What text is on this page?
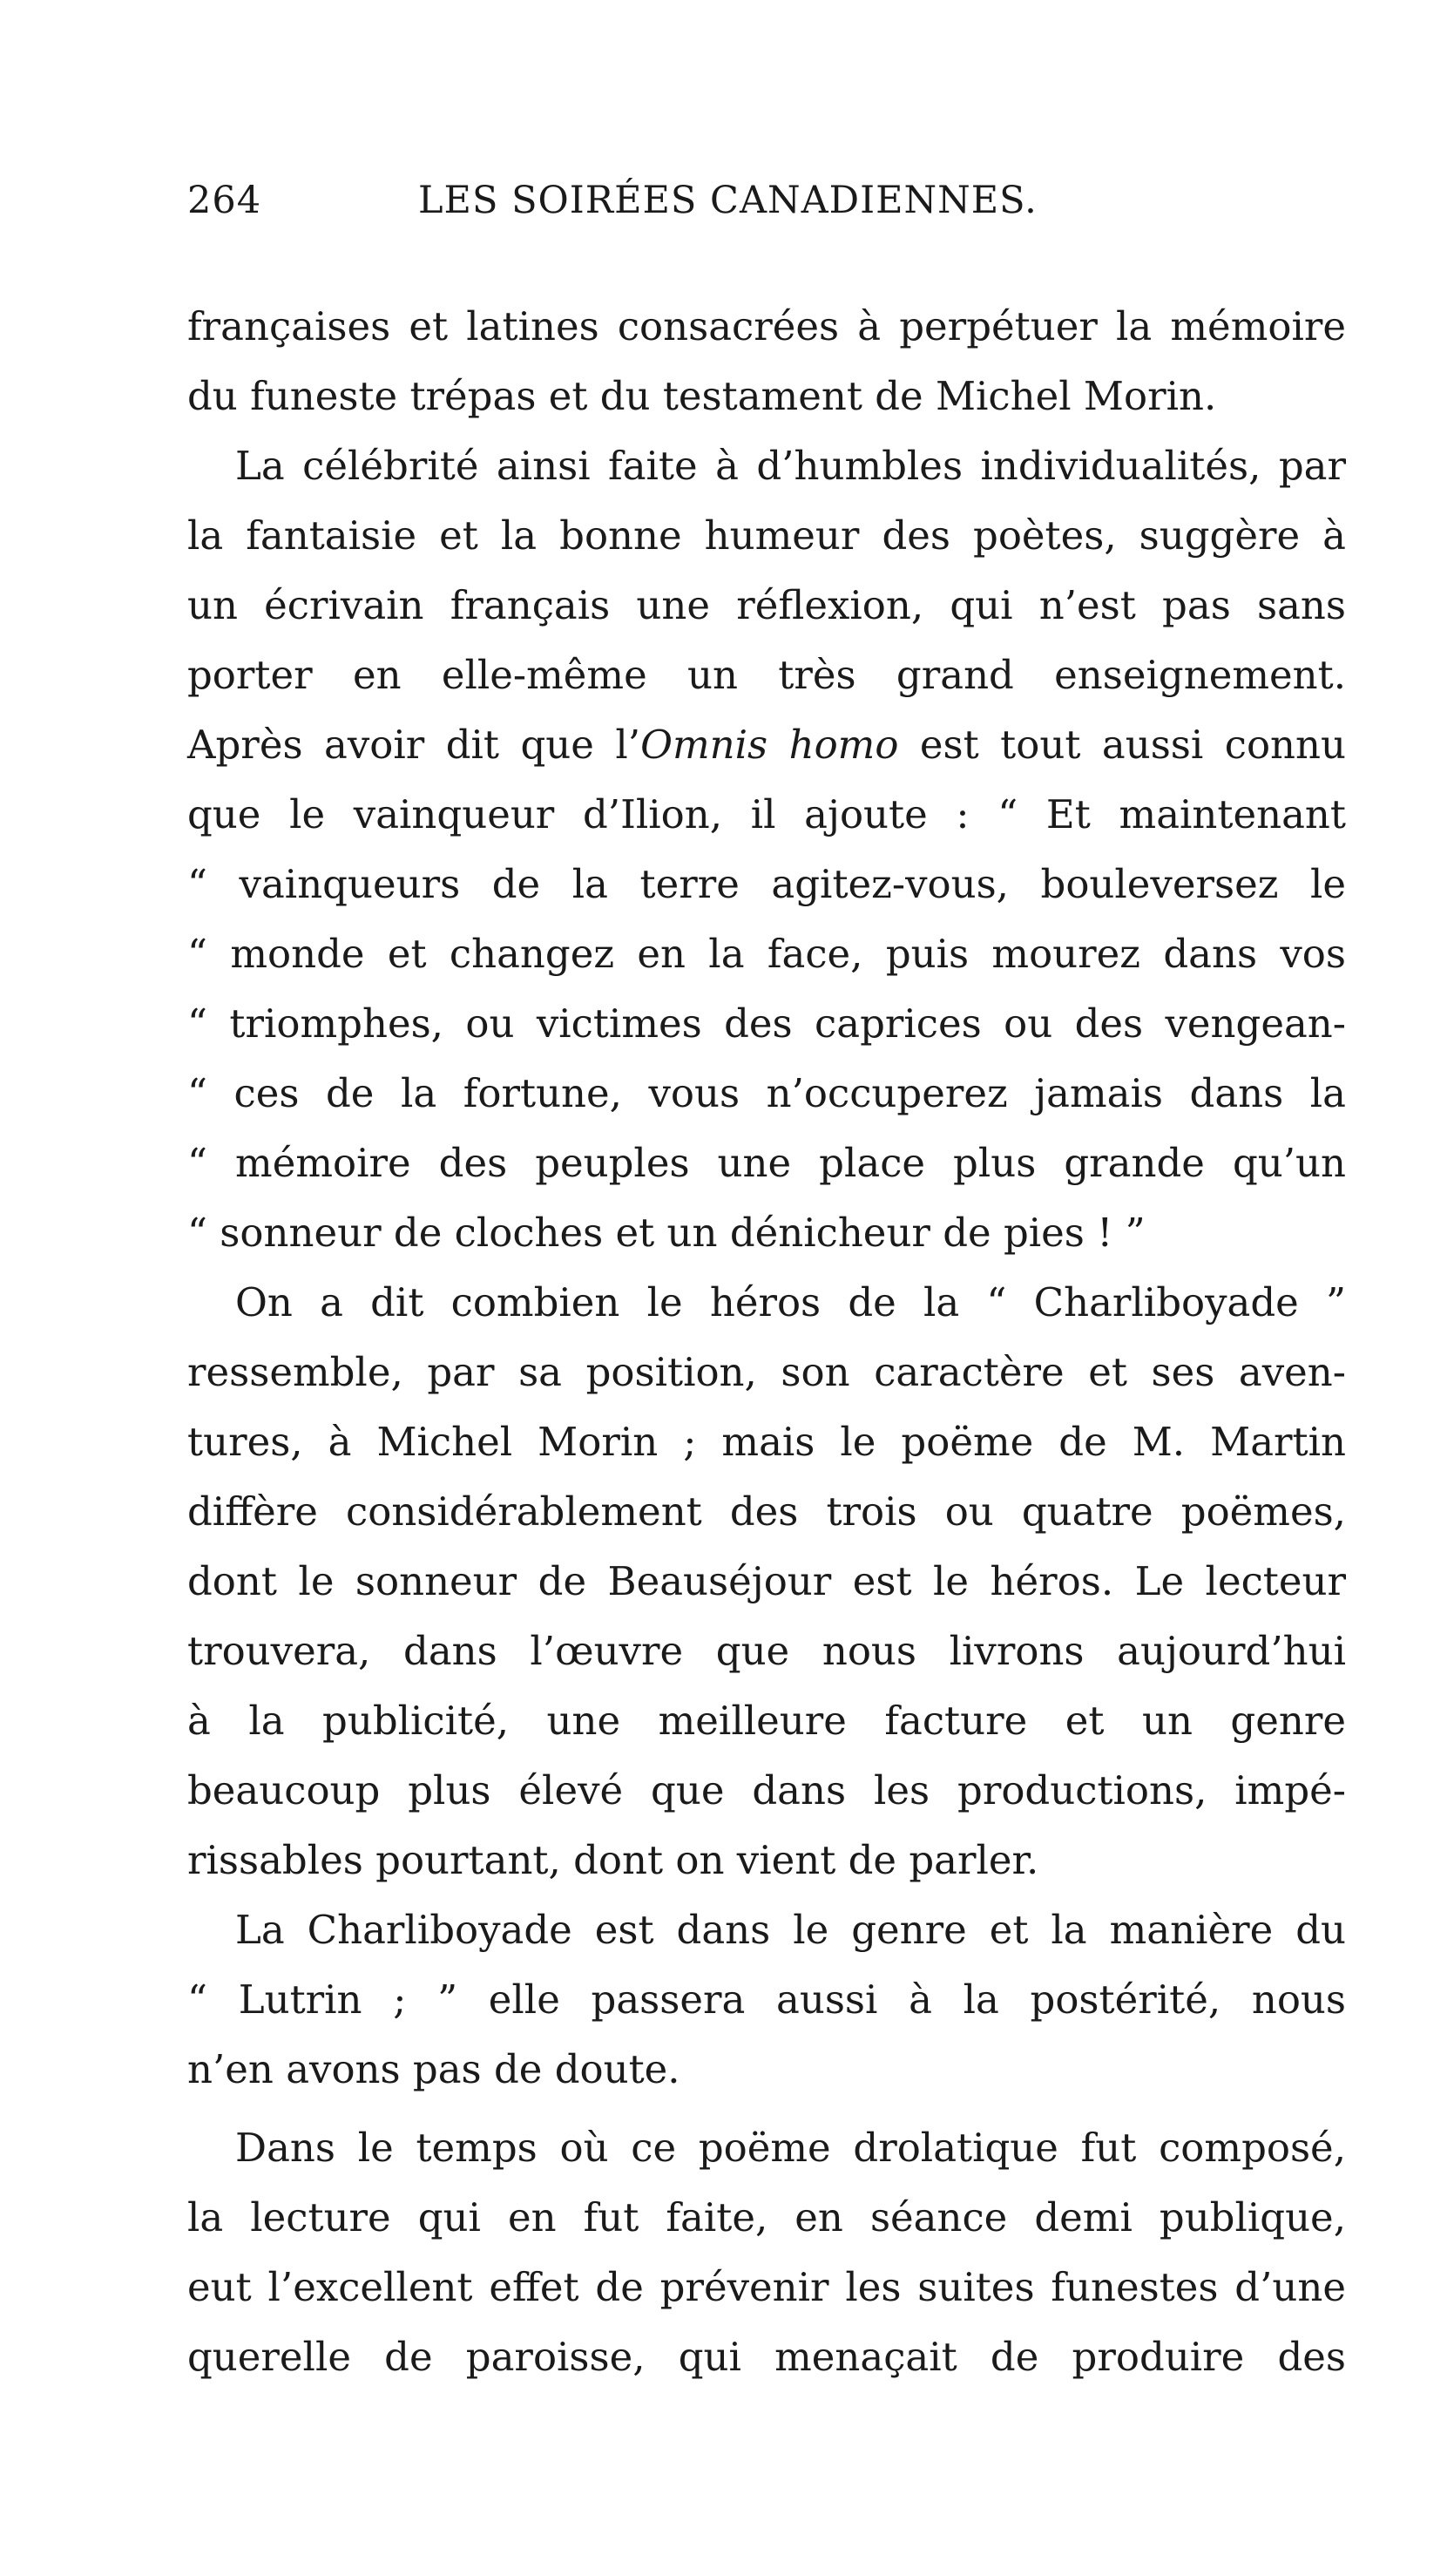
264	LES SOIRÉES CANADIENNES.
françaises et latines consacrées à perpétuer la mémoire
du funeste trépas et du testament de Michel Morin.
La célébrité ainsi faite à d’humbles individualités, par
la fantaisie et la bonne humeur des poètes, suggère à
un écrivain français une réflexion, qui n’est pas sans
porter en elle-même un très grand enseignement.
Après avoir dit que l’Omnis homo est tout aussi connu
que le vainqueur d’Ilion, il ajoute : “ Et maintenant
“ vainqueurs de la terre agitez-vous, bouleversez le
“ monde et changez en la face, puis mourez dans vos
“ triomphes, ou victimes des caprices ou des vengean-
“ ces de la fortune, vous n’occuperez jamais dans la
“ mémoire des peuples une place plus grande qu’un
“ sonneur de cloches et un dénicheur de pies ! ”
On a dit combien le héros de la “ Charliboyade ”
ressemble, par sa position, son caractère et ses aven-
tures, à Michel Morin ; mais le poëme de M. Martin
diffère considérablement des trois ou quatre poëmes,
dont le sonneur de Beauséjour est le héros. Le lecteur
trouvera, dans l’œuvre que nous livrons aujourd’hui
à la publicité, une meilleure facture et un genre
beaucoup plus élevé que dans les productions, impé-
rissables pourtant, dont on vient de parler.
La Charliboyade est dans le genre et la manière du
“ Lutrin ; ” elle passera aussi à la postérité, nous
n’en avons pas de doute.
Dans le temps où ce poëme drolatique fut composé,
la lecture qui en fut faite, en séance demi publique,
eut l’excellent effet de prévenir les suites funestes d’une
querelle de paroisse, qui menaçait de produire des
